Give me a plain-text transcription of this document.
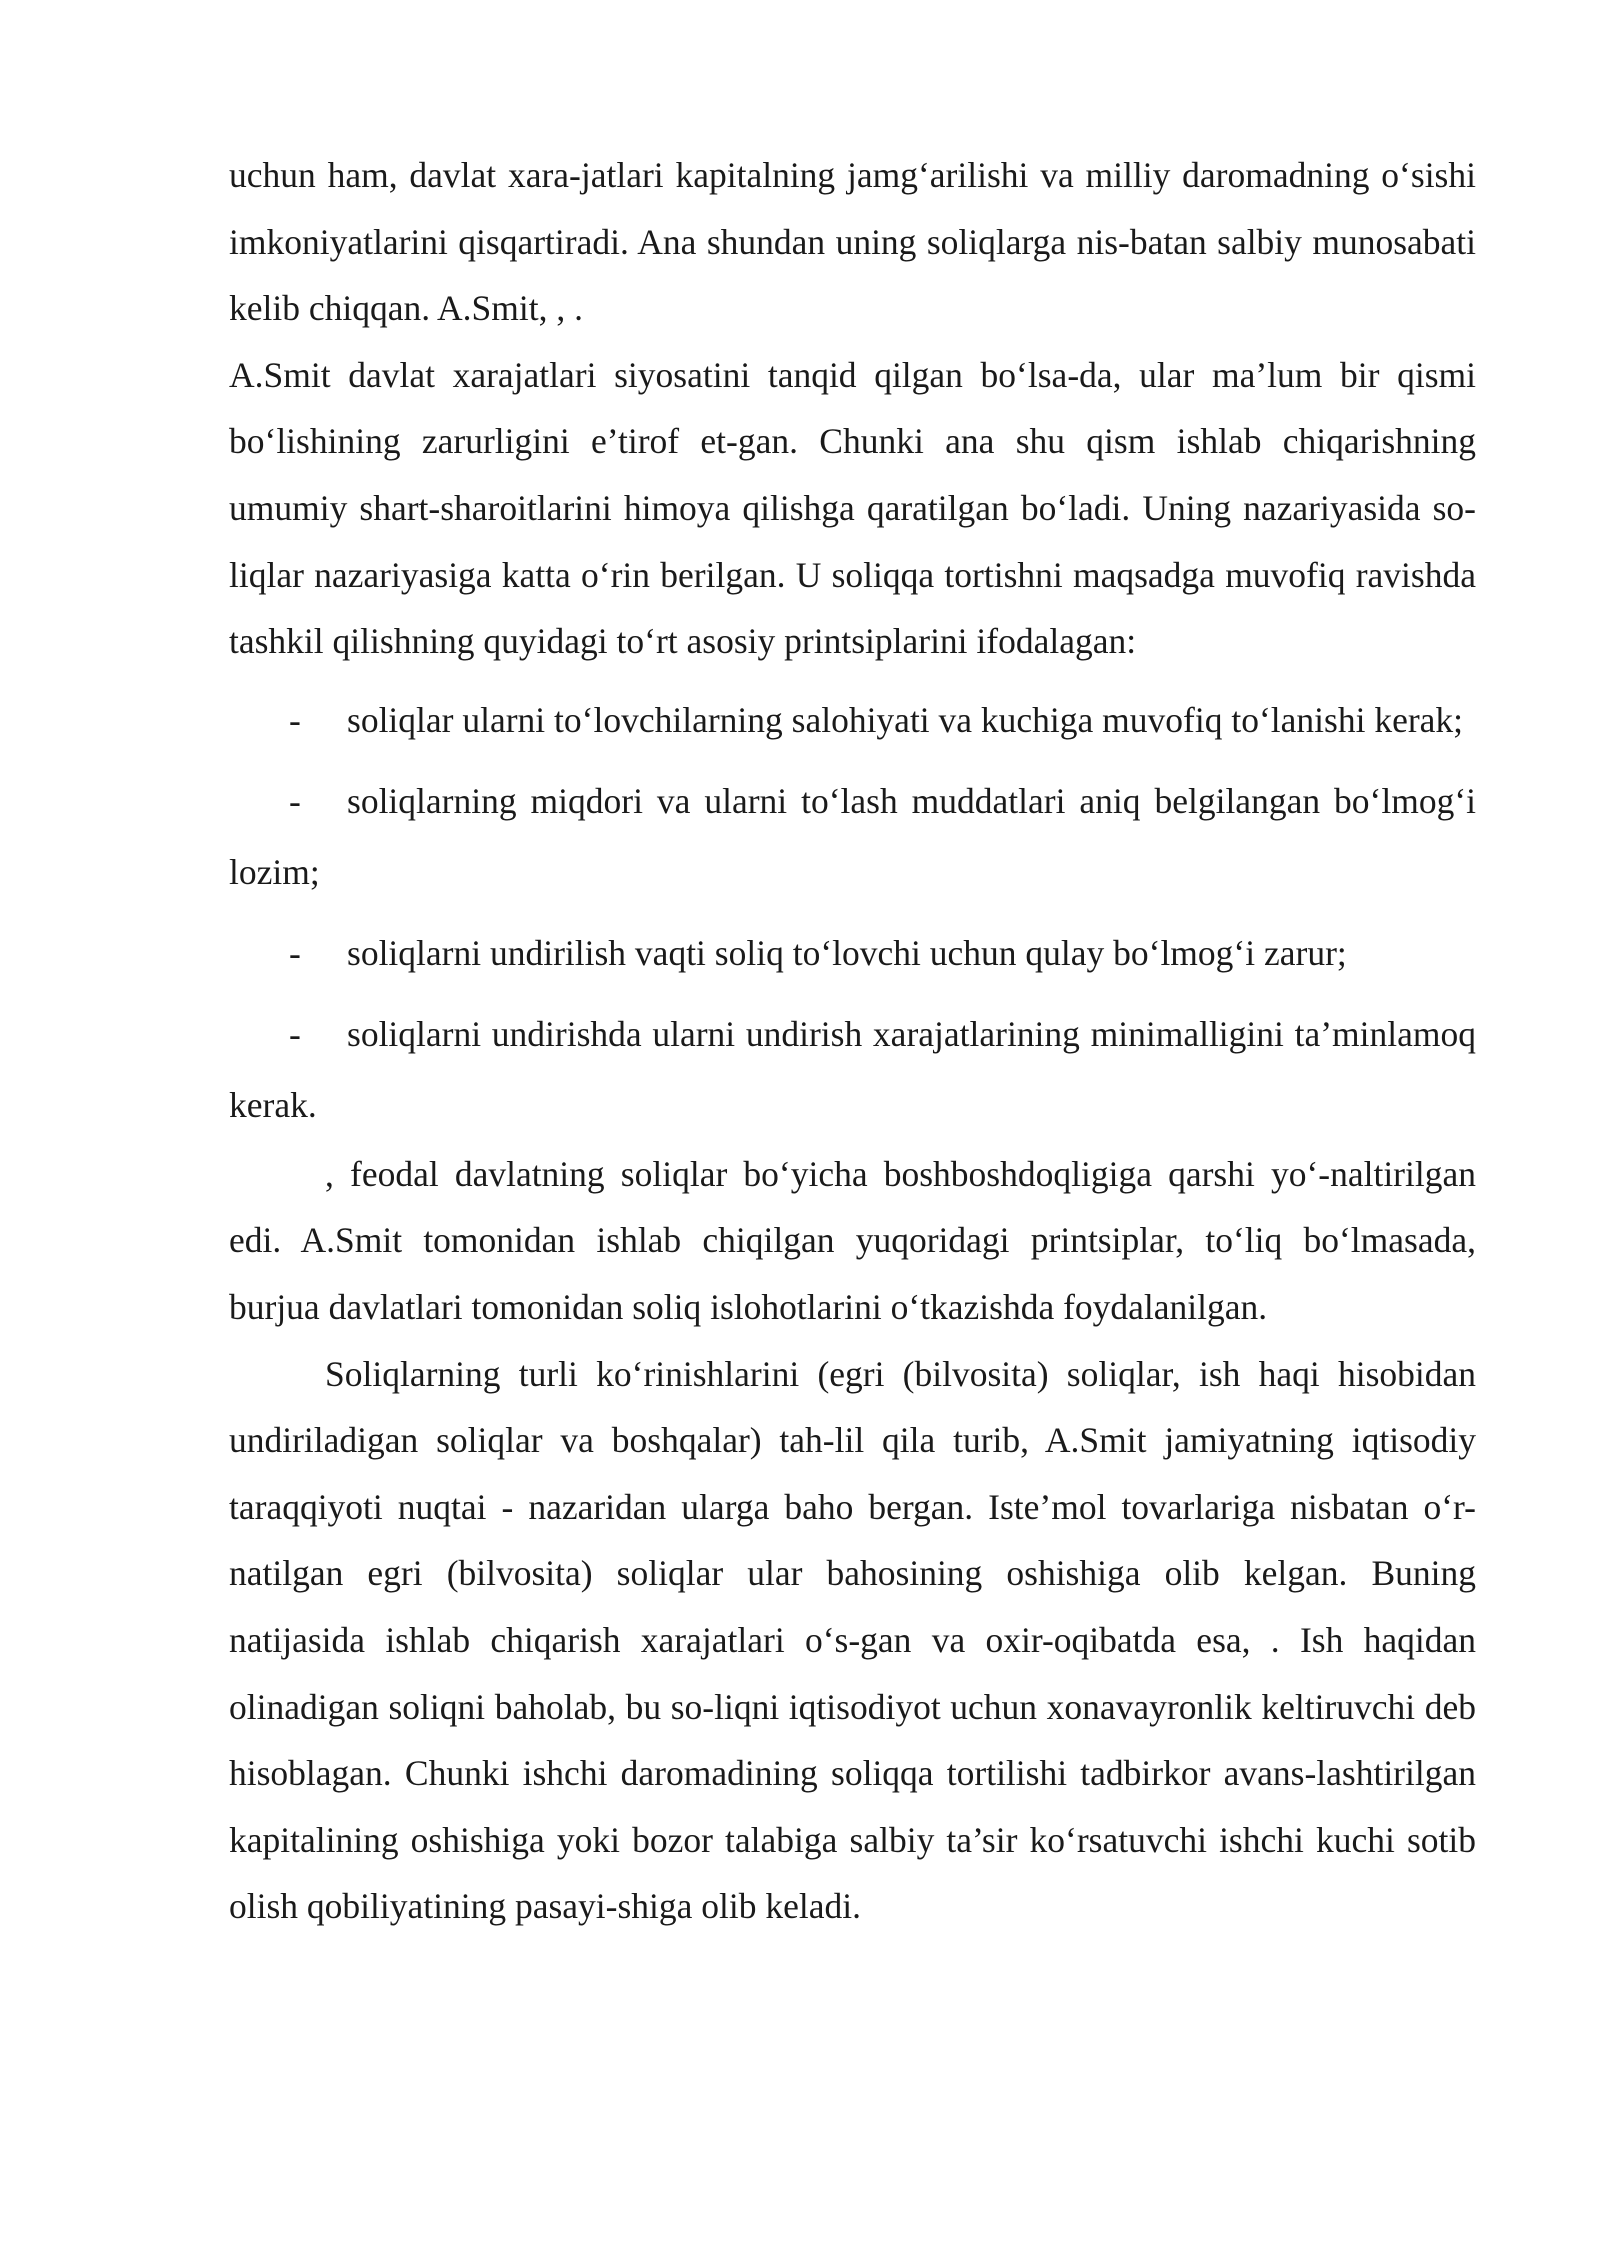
uchun ham, davlat xara-jatlari kapitalning jamg‘arilishi va milliy daromadning o‘sishi imkoniyatlarini qisqartiradi. Ana shundan uning soliqlarga nis-batan salbiy munosabati kelib chiqqan. A.Smit, , .

A.Smit davlat xarajatlari siyosatini tanqid qilgan bo‘lsa-da, ular ma’lum bir qismi bo‘lishining zarurligini e’tirof et-gan. Chunki ana shu qism ishlab chiqarishning umumiy shart-sharoitlarini himoya qilishga qaratilgan bo‘ladi. Uning nazariyasida so-liqlar nazariyasiga katta o‘rin berilgan. U soliqqa tortishni maqsadga muvofiq ravishda tashkil qilishning quyidagi to‘rt asosiy printsiplarini ifodalagan:

- soliqlar ularni to‘lovchilarning salohiyati va kuchiga muvofiq to‘lanishi kerak;

- soliqlarning miqdori va ularni to‘lash muddatlari aniq belgilangan bo‘lmog‘i lozim;

- soliqlarni undirilish vaqti soliq to‘lovchi uchun qulay bo‘lmog‘i zarur;

- soliqlarni undirishda ularni undirish xarajatlarining minimalligini ta’minlamoq kerak.

, feodal davlatning soliqlar bo‘yicha boshboshdoqligiga qarshi yo‘-naltirilgan edi. A.Smit tomonidan ishlab chiqilgan yuqoridagi printsiplar, to‘liq bo‘lmasada, burjua davlatlari tomonidan soliq islohotlarini o‘tkazishda foydalanilgan.

Soliqlarning turli ko‘rinishlarini (egri (bilvosita) soliqlar, ish haqi hisobidan undiriladigan soliqlar va boshqalar) tah-lil qila turib, A.Smit jamiyatning iqtisodiy taraqqiyoti nuqtai - nazaridan ularga baho bergan. Iste’mol tovarlariga nisbatan o‘r-natilgan egri (bilvosita) soliqlar ular bahosining oshishiga olib kelgan. Buning natijasida ishlab chiqarish xarajatlari o‘s-gan va oxir-oqibatda esa, . Ish haqidan olinadigan soliqni baholab, bu so-liqni iqtisodiyot uchun xonavayronlik keltiruvchi deb hisoblagan. Chunki ishchi daromadining soliqqa tortilishi tadbirkor avans-lashtirilgan kapitalining oshishiga yoki bozor talabiga salbiy ta’sir ko‘rsatuvchi ishchi kuchi sotib olish qobiliyatining pasayi-shiga olib keladi.
